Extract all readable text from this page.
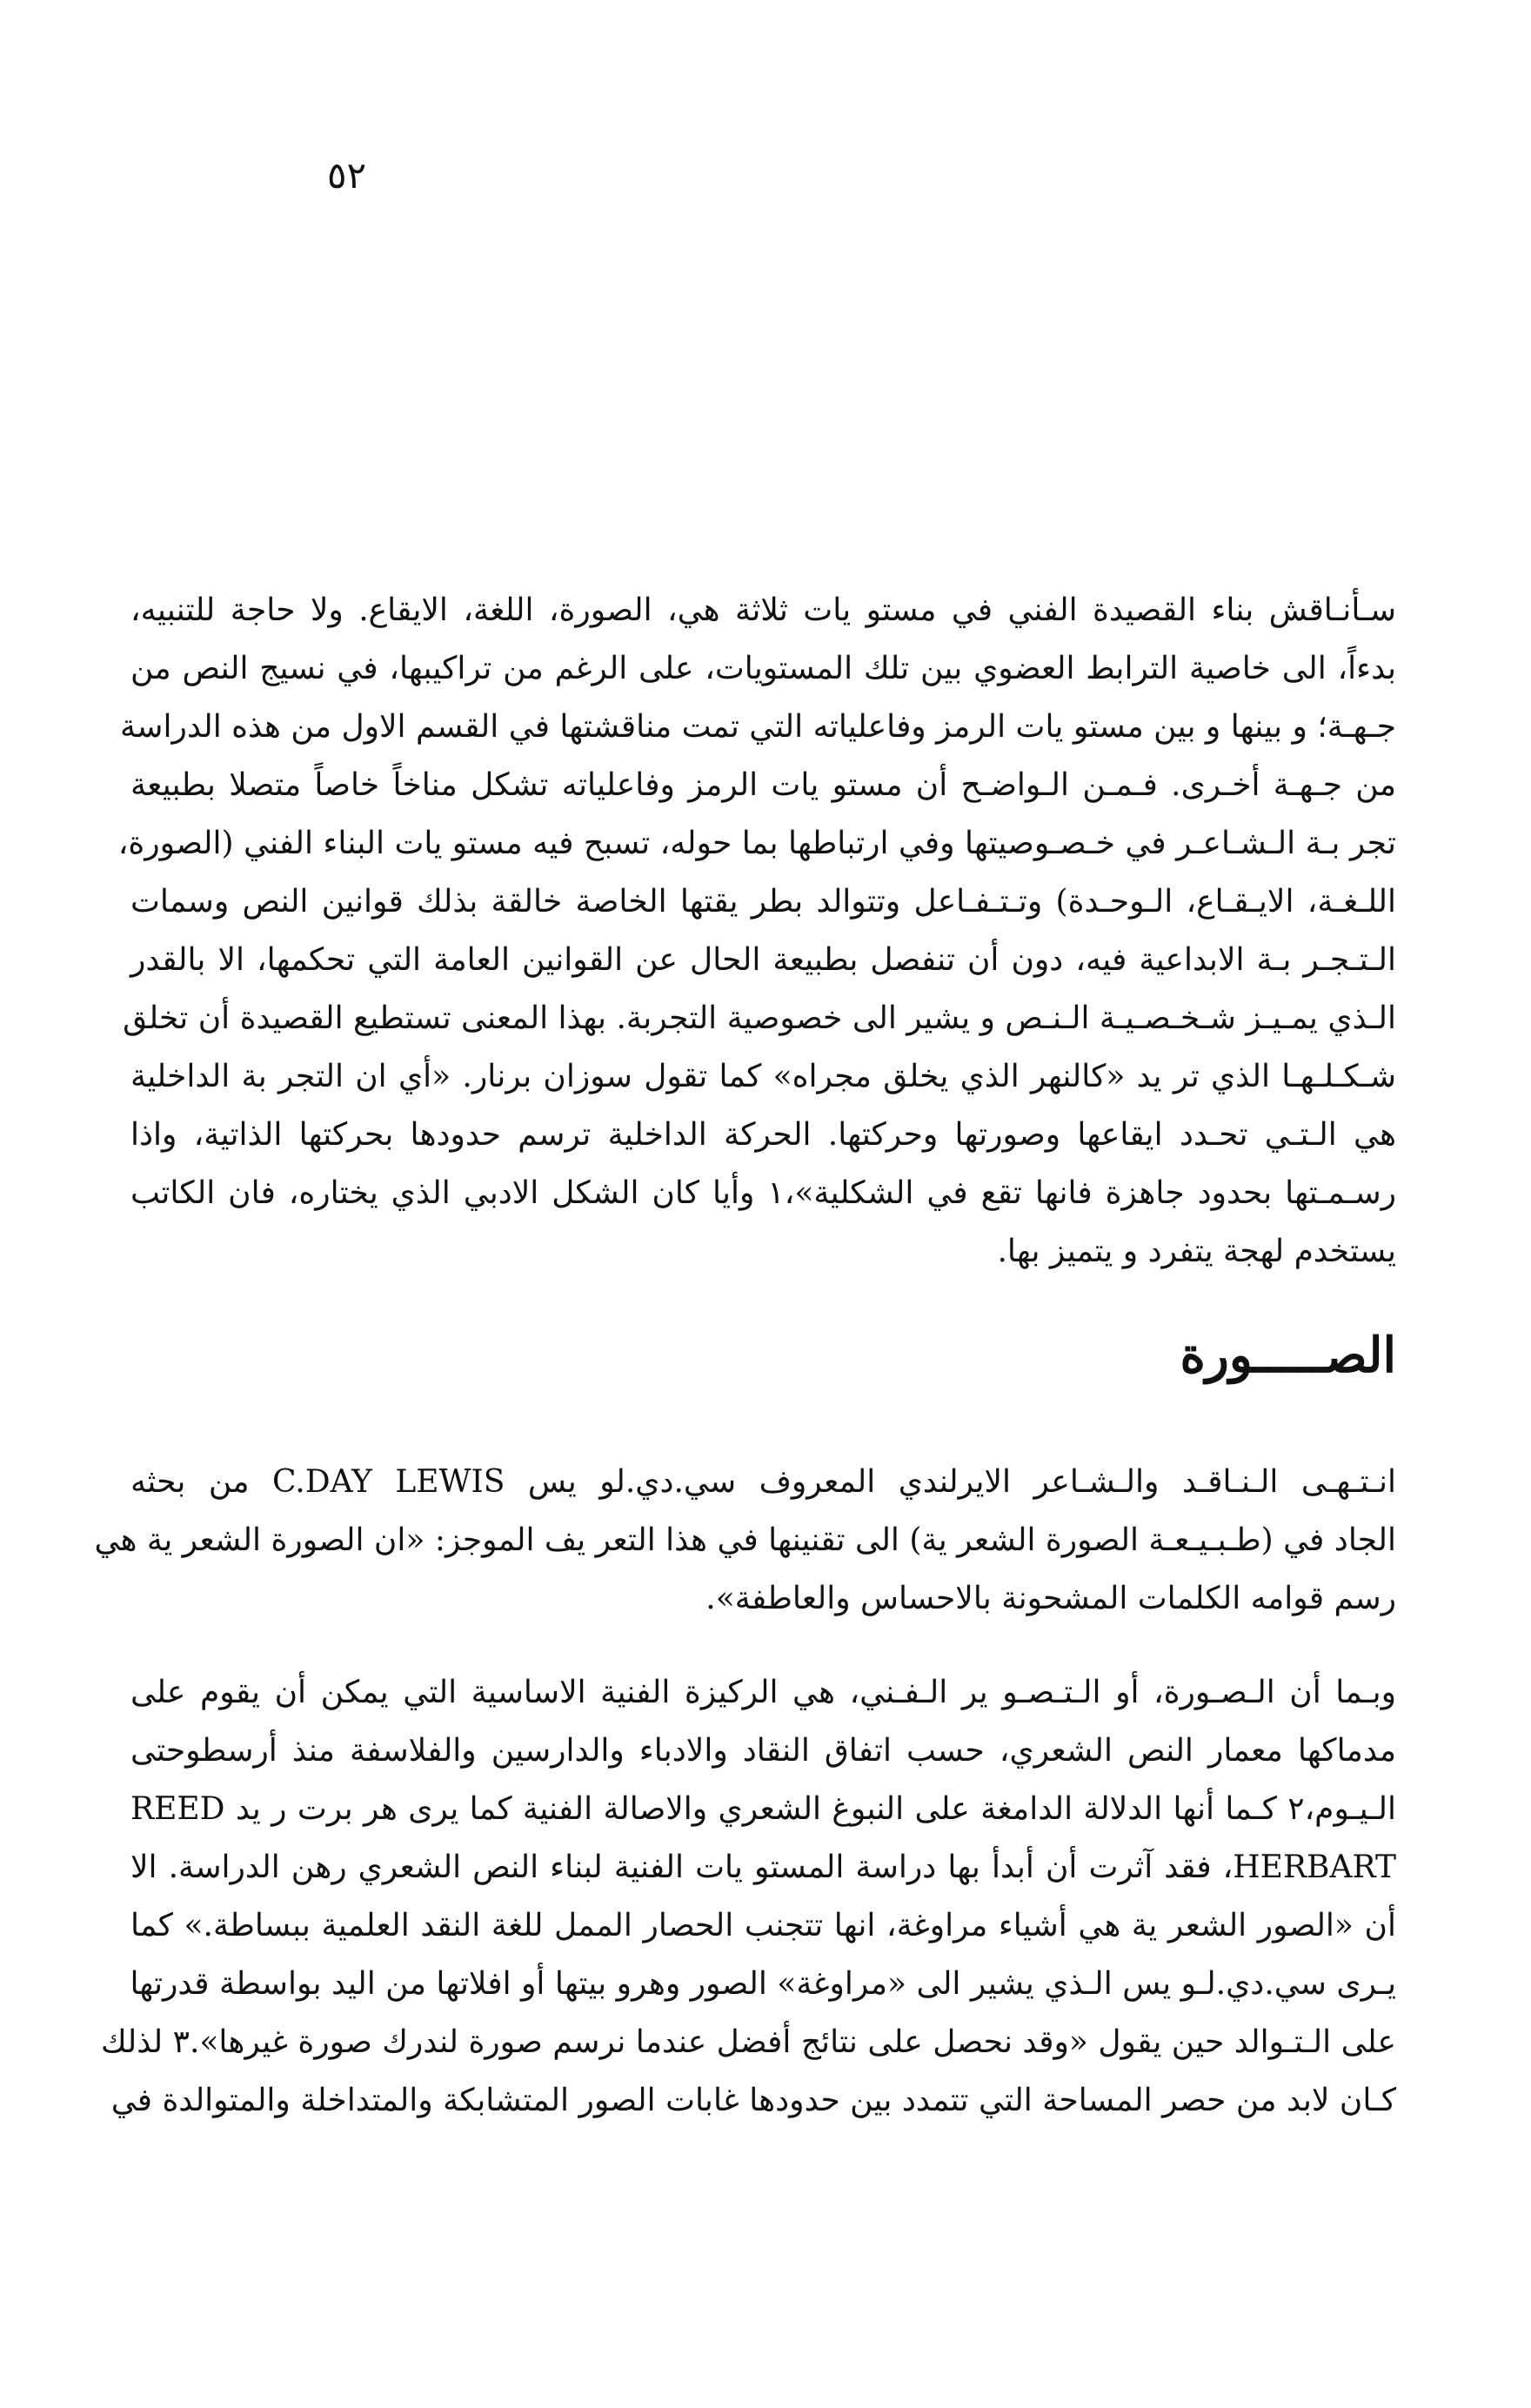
٥٢
سـأنـاقش بناء القصيدة الفني في مستو يات ثلاثة هي، الصورة، اللغة، الايقاع. ولا حاجة للتنبيه،
بدءاً، الى خاصية الترابط العضوي بين تلك المستويات، على الرغم من تراكيبها، في نسيج النص من
جـهـة؛ و بينها و بين مستو يات الرمز وفاعلياته التي تمت مناقشتها في القسم الاول من هذه الدراسة
من جـهـة أخـرى. فـمـن الـواضـح أن مستو يات الرمز وفاعلياته تشكل مناخاً خاصاً متصلا بطبيعة
تجر بـة الـشـاعـر في خـصـوصيتها وفي ارتباطها بما حوله، تسبح فيه مستو يات البناء الفني (الصورة،
اللـغـة، الايـقـاع، الـوحـدة) وتـتـفـاعل وتتوالد بطر يقتها الخاصة خالقة بذلك قوانين النص وسمات
الـتـجـر بـة الابداعية فيه، دون أن تنفصل بطبيعة الحال عن القوانين العامة التي تحكمها، الا بالقدر
الـذي يمـيـز شـخـصـيـة الـنـص و يشير الى خصوصية التجربة. بهذا المعنى تستطيع القصيدة أن تخلق
شـكـلـهـا الذي تر يد «كالنهر الذي يخلق مجراه» كما تقول سوزان برنار. «أي ان التجر بة الداخلية
هي الـتـي تحـدد ايقاعها وصورتها وحركتها. الحركة الداخلية ترسم حدودها بحركتها الذاتية، واذا
رسـمـتها بحدود جاهزة فانها تقع في الشكلية»،١ وأيا كان الشكل الادبي الذي يختاره، فان الكاتب
يستخدم لهجة يتفرد و يتميز بها.
الصـــــورة
انـتـهـى الـنـاقـد والـشـاعر الايرلندي المعروف سي.دي.لو يس C.DAY LEWIS من بحثه
الجاد في (طـبـيـعـة الصورة الشعر ية) الى تقنينها في هذا التعر يف الموجز: «ان الصورة الشعر ية هي
رسم قوامه الكلمات المشحونة بالاحساس والعاطفة».
وبـما أن الـصـورة، أو الـتـصـو ير الـفـني، هي الركيزة الفنية الاساسية التي يمكن أن يقوم على
مدماكها معمار النص الشعري، حسب اتفاق النقاد والادباء والدارسين والفلاسفة منذ أرسطوحتى
الـيـوم،٢ كـما أنها الدلالة الدامغة على النبوغ الشعري والاصالة الفنية كما يرى هر برت ر يد REED
HERBART، فقد آثرت أن أبدأ بها دراسة المستو يات الفنية لبناء النص الشعري رهن الدراسة. الا
أن «الصور الشعر ية هي أشياء مراوغة، انها تتجنب الحصار الممل للغة النقد العلمية ببساطة.» كما
يـرى سي.دي.لـو يس الـذي يشير الى «مراوغة» الصور وهرو بيتها أو افلاتها من اليد بواسطة قدرتها
على الـتـوالد حين يقول «وقد نحصل على نتائج أفضل عندما نرسم صورة لندرك صورة غيرها».٣ لذلك
كـان لابد من حصر المساحة التي تتمدد بين حدودها غابات الصور المتشابكة والمتداخلة والمتوالدة في
